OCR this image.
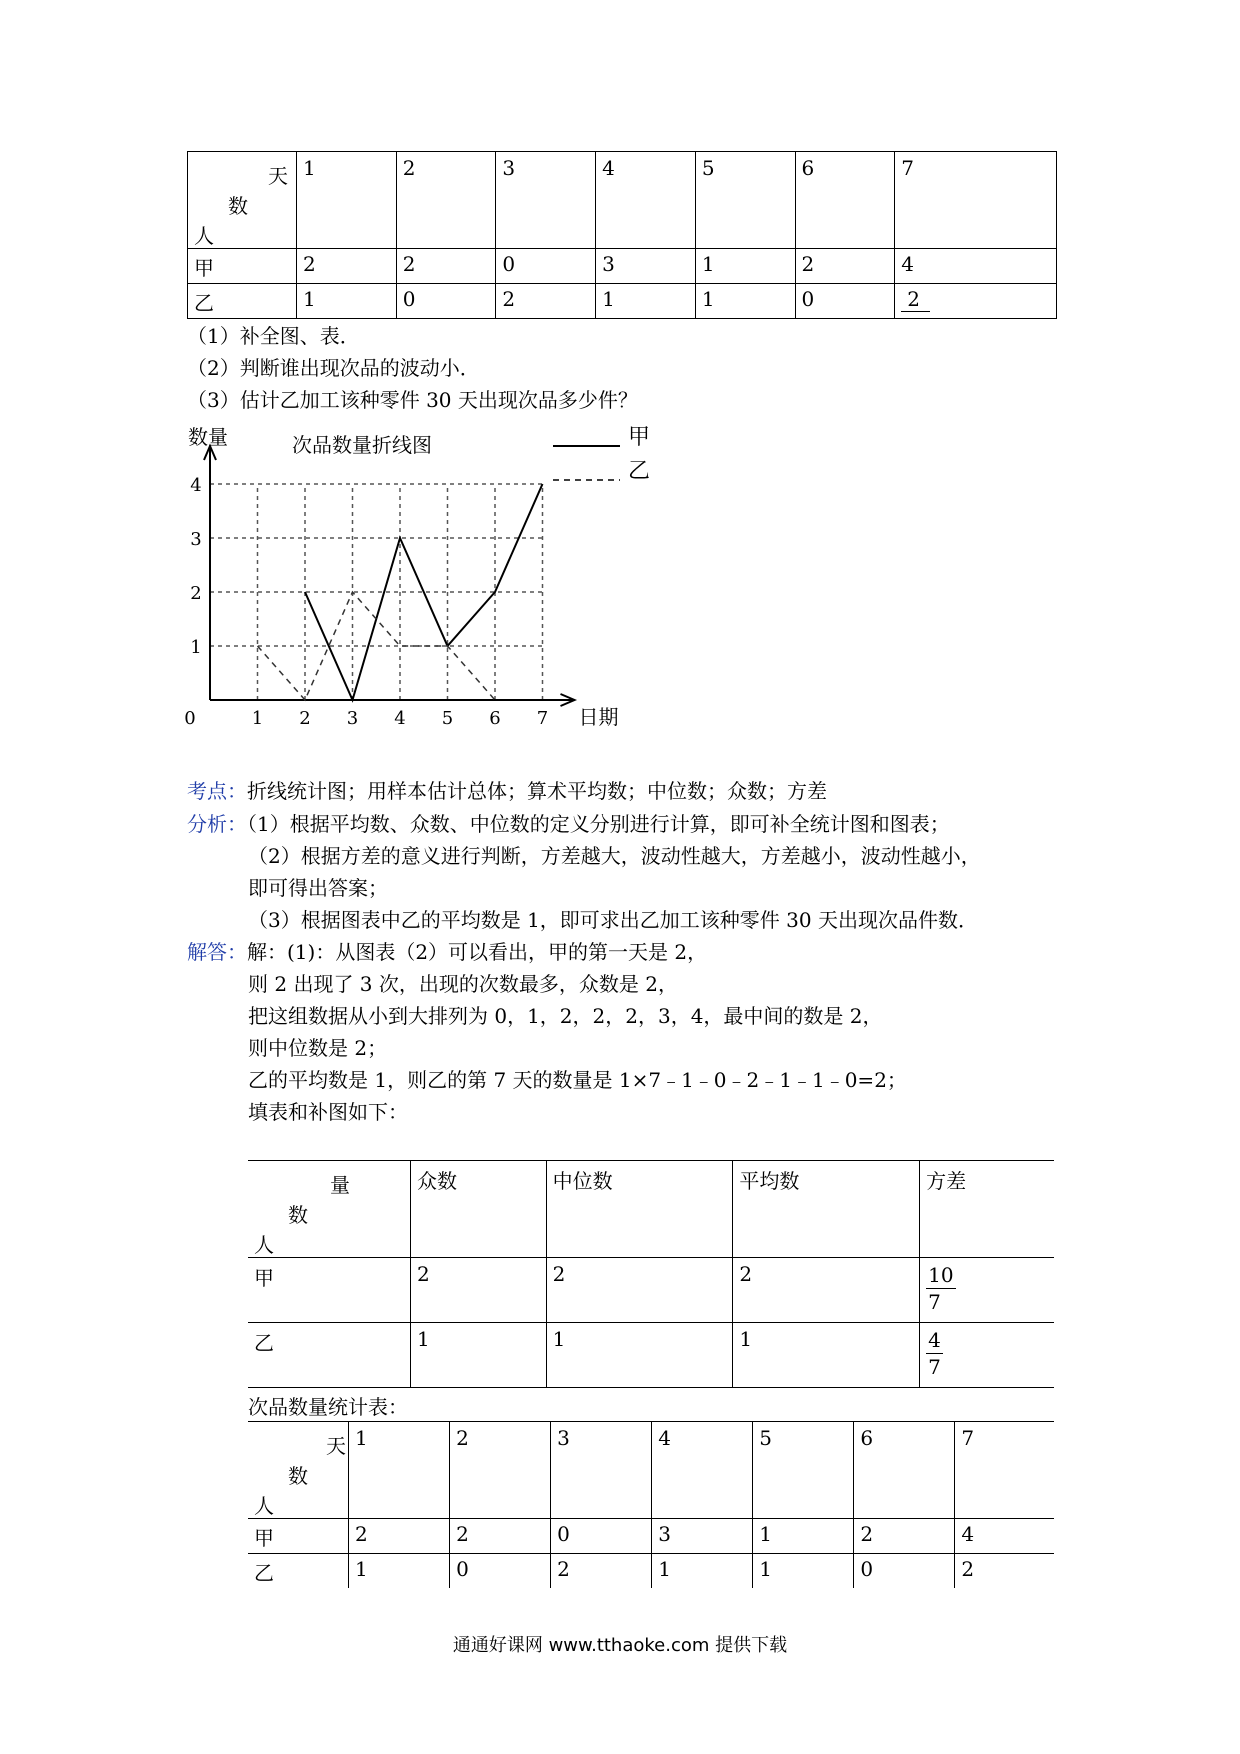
天
数
人	1	2	3	4	5	6	7
甲	2	2	0	3	1	2	4
乙	1	0	2	1	1	0	2
（1）补全图、表．
（2）判断谁出现次品的波动小．
（3）估计乙加工该种零件 30 天出现次品多少件？
1 2 3 4 5 6 7
1
2
3
4
0
数量
日期
次品数量折线图	甲
乙
考点：折线统计图；用样本估计总体；算术平均数；中位数；众数；方差
分析：（1）根据平均数、众数、中位数的定义分别进行计算，即可补全统计图和图表；
（2）根据方差的意义进行判断，方差越大，波动性越大，方差越小，波动性越小，
即可得出答案；
（3）根据图表中乙的平均数是 1，即可求出乙加工该种零件 30 天出现次品件数．
解答：解：(1)：从图表（2）可以看出，甲的第一天是 2，
则 2 出现了 3 次，出现的次数最多，众数是 2，
把这组数据从小到大排列为 0，1，2，2，2，3，4，最中间的数是 2，
则中位数是 2；
乙的平均数是 1，则乙的第 7 天的数量是 1×7﹣1﹣0﹣2﹣1﹣1﹣0=2；
填表和补图如下：
量
数
人	众数	中位数	平均数	方差
甲	2	2	2	$\frac{10}{7}$

乙	1	1	1	$\frac{4}{7}$
次品数量统计表：
天
数
人	1	2	3	4	5	6	7
甲	2	2	0	3	1	2	4
乙	1	0	2	1	1	0	2
通通好课网 www.tthaoke.com 提供下载
